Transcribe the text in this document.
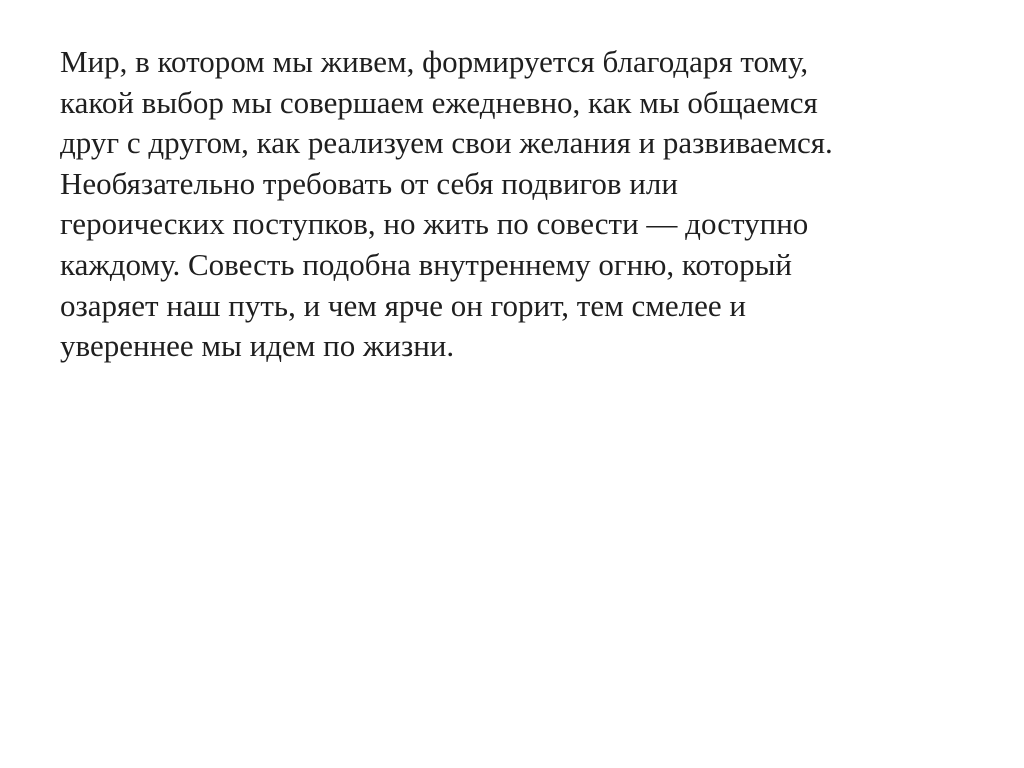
Мир, в котором мы живем, формируется благодаря тому,
какой выбор мы совершаем ежедневно, как мы общаемся
друг с другом, как реализуем свои желания и развиваемся.
Необязательно требовать от себя подвигов или
героических поступков, но жить по совести — доступно
каждому. Совесть подобна внутреннему огню, который
озаряет наш путь, и чем ярче он горит, тем смелее и
увереннее мы идем по жизни.
